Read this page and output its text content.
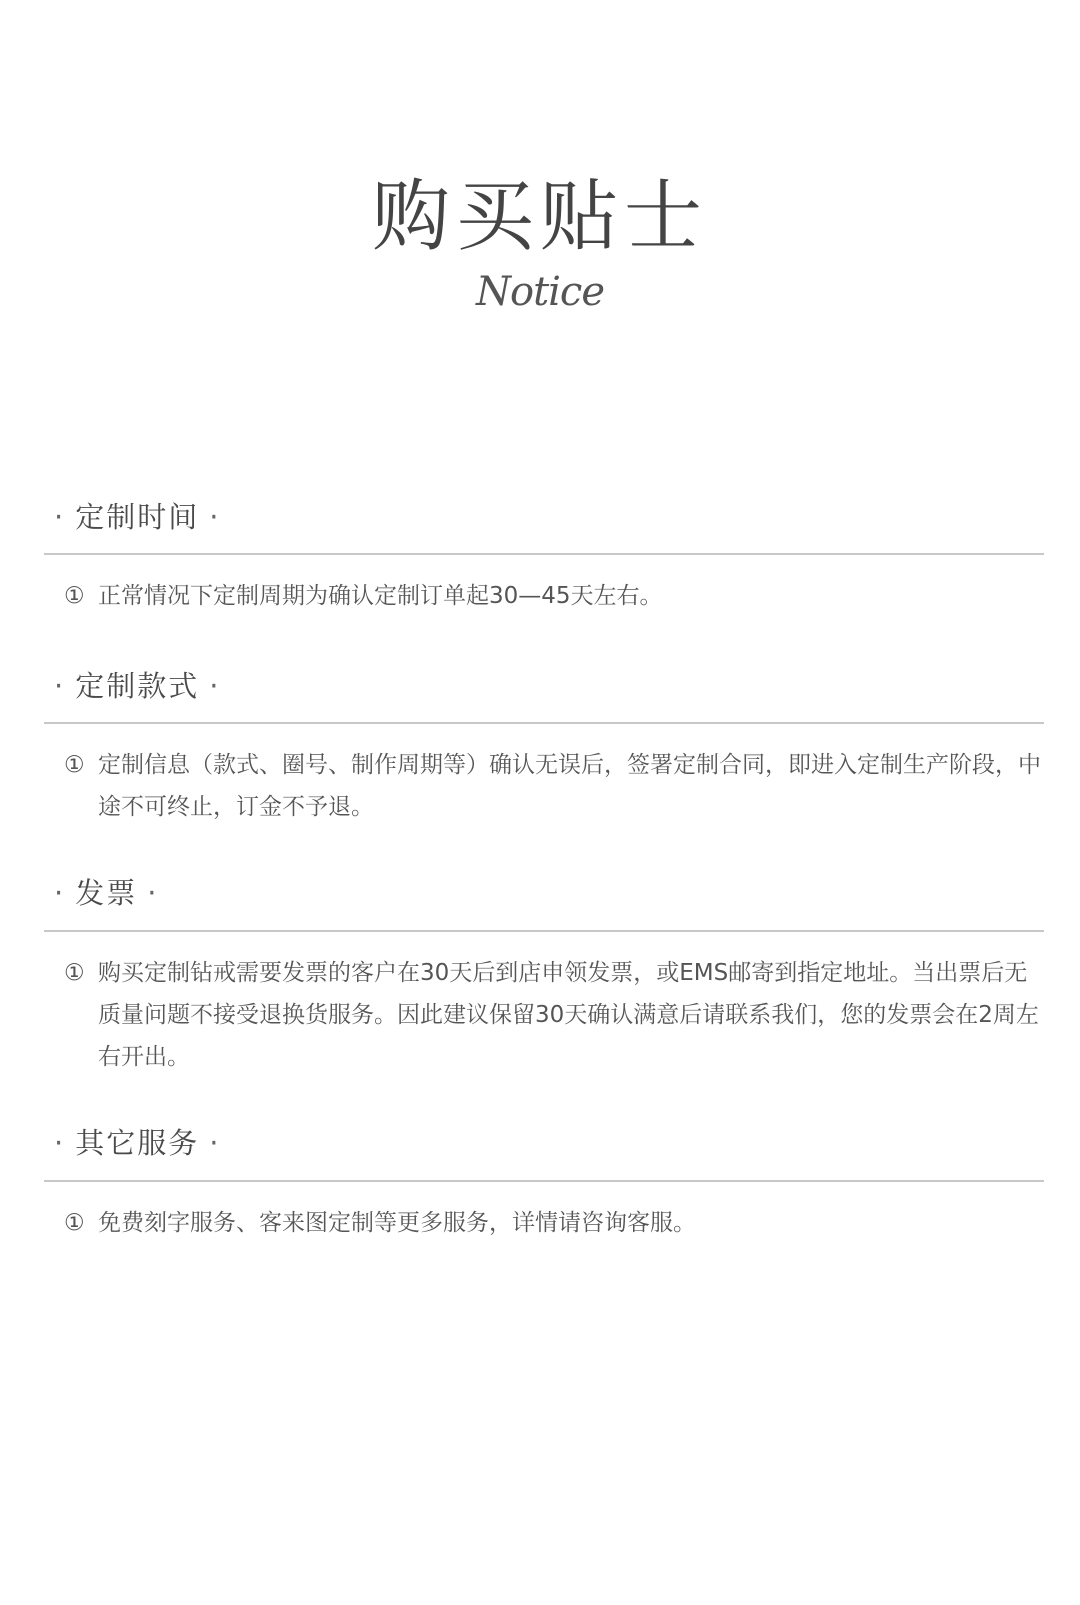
购买贴士
Notice
· 定制时间 ·
① 正常情况下定制周期为确认定制订单起30—45天左右。
· 定制款式 ·
① 定制信息（款式、圈号、制作周期等）确认无误后，签署定制合同，即进入定制生产阶段，中途不可终止，订金不予退。
· 发票 ·
① 购买定制钻戒需要发票的客户在30天后到店申领发票，或EMS邮寄到指定地址。当出票后无质量问题不接受退换货服务。因此建议保留30天确认满意后请联系我们，您的发票会在2周左右开出。
· 其它服务 ·
① 免费刻字服务、客来图定制等更多服务，详情请咨询客服。
